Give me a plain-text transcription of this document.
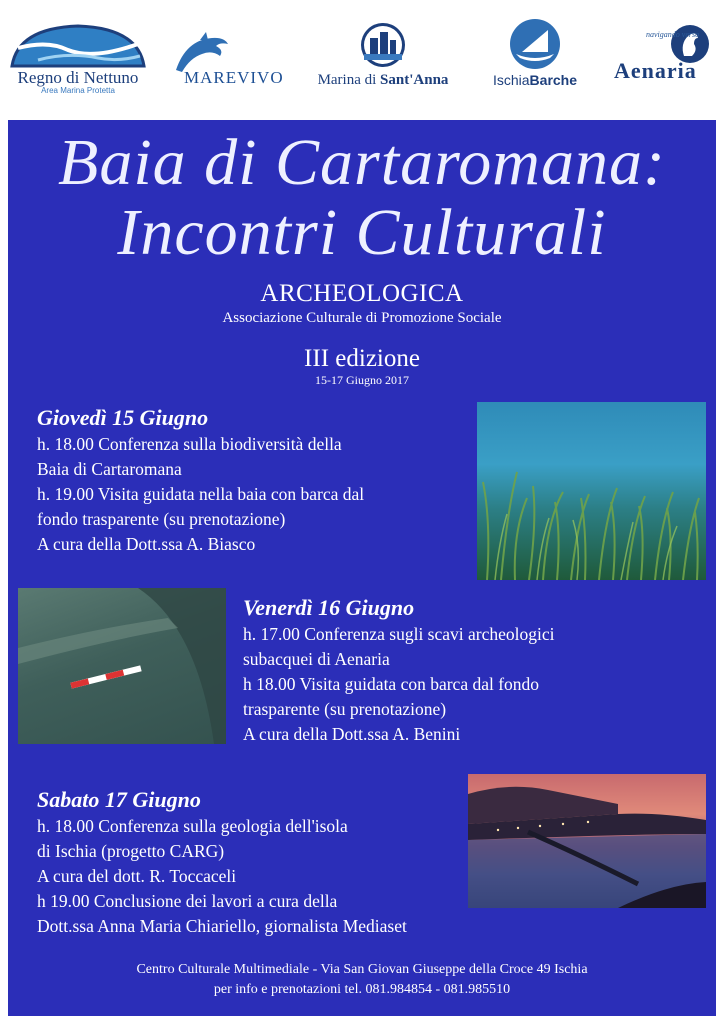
Regno di Nettuno
Area Marina Protetta
MAREVIVO Marina di Sant'Anna	IschiaBarche
navigando verso
Aenaria
Baia di Cartaromana:
Incontri Culturali
ARCHEOLOGICA
Associazione Culturale di Promozione Sociale
III edizione
15-17 Giugno 2017
Giovedì 15 Giugno
h. 18.00 Conferenza sulla biodiversità della
Baia di Cartaromana
h. 19.00 Visita guidata nella baia con barca dal
fondo trasparente (su prenotazione)
A cura della Dott.ssa A. Biasco
Venerdì 16 Giugno
h. 17.00 Conferenza sugli scavi archeologici
subacquei di Aenaria
h 18.00 Visita guidata con barca dal fondo
trasparente (su prenotazione)
A cura della Dott.ssa A. Benini
Sabato 17 Giugno
h. 18.00 Conferenza sulla geologia dell'isola
di Ischia (progetto CARG)
A cura del dott. R. Toccaceli
h 19.00 Conclusione dei lavori a cura della
Dott.ssa Anna Maria Chiariello, giornalista Mediaset
Centro Culturale Multimediale - Via San Giovan Giuseppe della Croce 49 Ischia
per info e prenotazioni tel. 081.984854 - 081.985510
